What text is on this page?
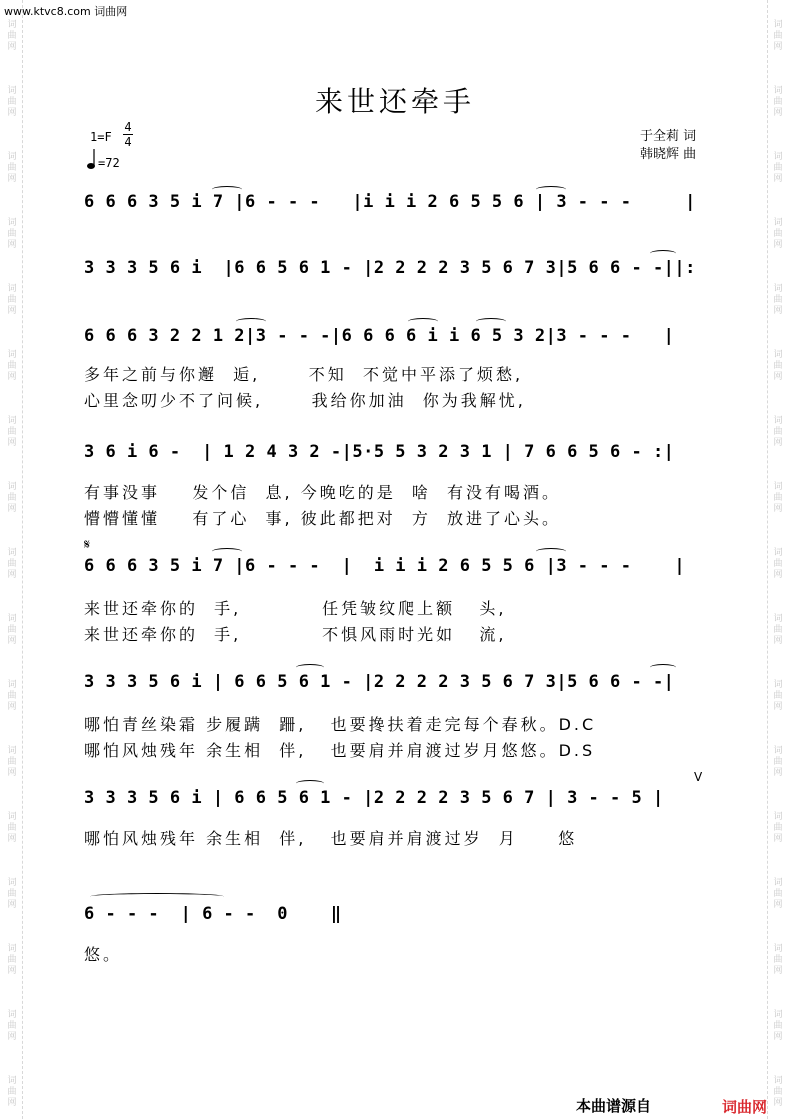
www.ktvc8.com 词曲网
词
曲
网
词
曲
网
词
曲
网
词
曲
网
词
曲
网
词
曲
网
词
曲
网
词
曲
网
词
曲
网
词
曲
网
词
曲
网
词
曲
网
词
曲
网
词
曲
网
词
曲
网
词
曲
网
词
曲
网
词
曲
网
词
曲
网
词
曲
网
词
曲
网
词
曲
网
词
曲
网
词
曲
网
词
曲
网
词
曲
网
词
曲
网
词
曲
网
词
曲
网
词
曲
网
词
曲
网
词
曲
网
词
曲
网
词
曲
网
来世还牵手
$1=F \frac{4}{4}$
=72
于全莉 词
韩晓辉 曲
6 6 6 3 5 i 7 |6 - - -   |i i i 2 6 5 5 6 | 3 - - -     |
3 3 3 5 6 i  |6 6 5 6 1 - |2 2 2 2 3 5 6 7 3|5 6 6 - -||:
6 6 6 3 2 2 1 2|3 - - -|6 6 6 6 i i 6 5 3 2|3 - - -   |
多年之前与你邂  逅,      不知  不觉中平添了烦愁,
心里念叨少不了问候,      我给你加油  你为我解忧,
3 6 i 6 -  | 1 2 4 3 2 -|5·5 5 3 2 3 1 | 7 6 6 5 6 - :|
有事没事    发个信  息, 今晚吃的是  啥  有没有喝酒。
懵懵懂懂    有了心  事, 彼此都把对  方  放进了心头。
𝄋
6 6 6 3 5 i 7 |6 - - -  |  i i i 2 6 5 5 6 |3 - - -    |
来世还牵你的  手,          任凭皱纹爬上额   头,
来世还牵你的  手,          不惧风雨时光如   流,
3 3 3 5 6 i | 6 6 5 6 1 - |2 2 2 2 3 5 6 7 3|5 6 6 - -|
哪怕青丝染霜 步履蹒  跚,   也要搀扶着走完每个春秋。D.C
哪怕风烛残年 余生相  伴,   也要肩并肩渡过岁月悠悠。D.S
V
3 3 3 5 6 i | 6 6 5 6 1 - |2 2 2 2 3 5 6 7 | 3 - - 5 |
哪怕风烛残年 余生相  伴,   也要肩并肩渡过岁  月     悠
6 - - -  | 6 - -  0    ‖
悠。
本曲谱源自	词曲网
